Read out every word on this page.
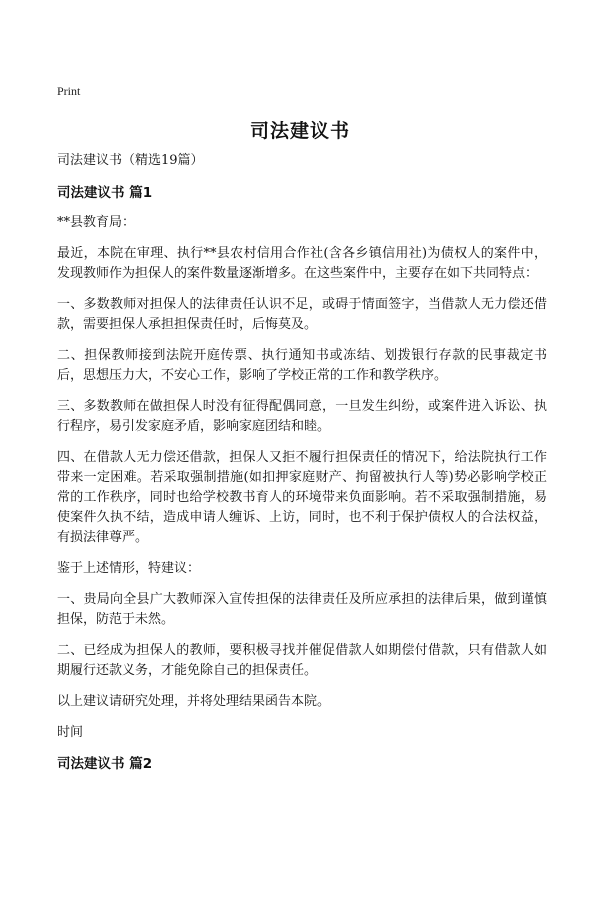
Print
司法建议书

司法建议书（精选19篇）

司法建议书 篇1

**县教育局：

最近，本院在审理、执行**县农村信用合作社(含各乡镇信用社)为债权人的案件中，发现教师作为担保人的案件数量逐渐增多。在这些案件中，主要存在如下共同特点：

一、多数教师对担保人的法律责任认识不足，或碍于情面签字，当借款人无力偿还借款，需要担保人承担担保责任时，后悔莫及。

二、担保教师接到法院开庭传票、执行通知书或冻结、划拨银行存款的民事裁定书后，思想压力大，不安心工作，影响了学校正常的工作和教学秩序。

三、多数教师在做担保人时没有征得配偶同意，一旦发生纠纷，或案件进入诉讼、执行程序，易引发家庭矛盾，影响家庭团结和睦。

四、在借款人无力偿还借款，担保人又拒不履行担保责任的情况下，给法院执行工作带来一定困难。若采取强制措施(如扣押家庭财产、拘留被执行人等)势必影响学校正常的工作秩序，同时也给学校教书育人的环境带来负面影响。若不采取强制措施，易使案件久执不结，造成申请人缠诉、上访，同时，也不利于保护债权人的合法权益，有损法律尊严。

鉴于上述情形，特建议：

一、贵局向全县广大教师深入宣传担保的法律责任及所应承担的法律后果，做到谨慎担保，防范于未然。

二、已经成为担保人的教师，要积极寻找并催促借款人如期偿付借款，只有借款人如期履行还款义务，才能免除自己的担保责任。

以上建议请研究处理，并将处理结果函告本院。

时间

司法建议书 篇2
